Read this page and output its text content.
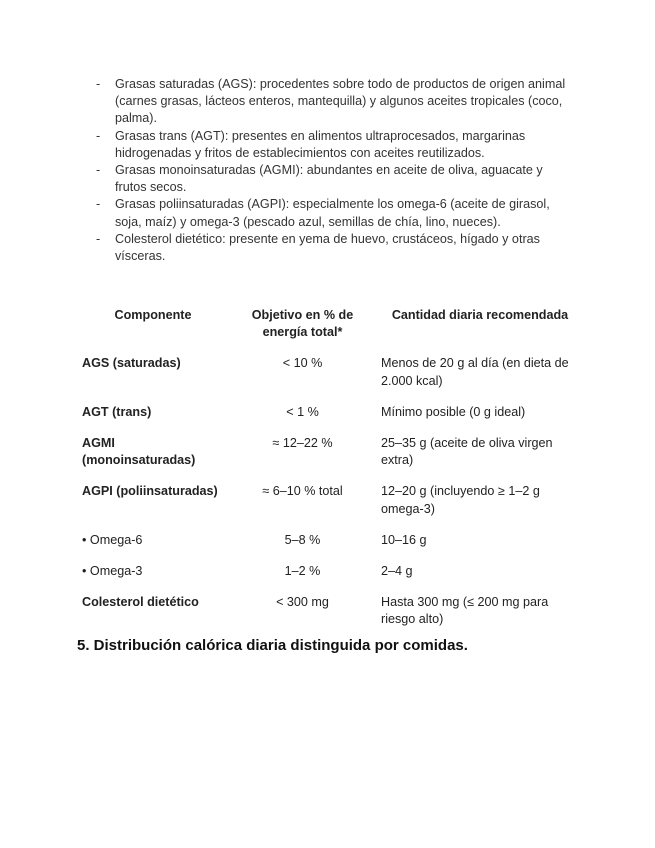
- Grasas saturadas (AGS): procedentes sobre todo de productos de origen animal (carnes grasas, lácteos enteros, mantequilla) y algunos aceites tropicales (coco, palma).
- Grasas trans (AGT): presentes en alimentos ultraprocesados, margarinas hidrogenadas y fritos de establecimientos con aceites reutilizados.
- Grasas monoinsaturadas (AGMI): abundantes en aceite de oliva, aguacate y frutos secos.
- Grasas poliinsaturadas (AGPI): especialmente los omega-6 (aceite de girasol, soja, maíz) y omega-3 (pescado azul, semillas de chía, lino, nueces).
- Colesterol dietético: presente en yema de huevo, crustáceos, hígado y otras vísceras.
Componente	Objetivo en % de energía total*	Cantidad diaria recomendada
AGS (saturadas)	< 10 %	Menos de 20 g al día (en dieta de 2.000 kcal)
AGT (trans)	< 1 %	Mínimo posible (0 g ideal)
AGMI (monoinsaturadas)	≈ 12–22 %	25–35 g (aceite de oliva virgen extra)
AGPI (poliinsaturadas)	≈ 6–10 % total	12–20 g (incluyendo ≥ 1–2 g omega-3)
• Omega-6	5–8 %	10–16 g
• Omega-3	1–2 %	2–4 g
Colesterol dietético	< 300 mg	Hasta 300 mg (≤ 200 mg para riesgo alto)
5. Distribución calórica diaria distinguida por comidas.
